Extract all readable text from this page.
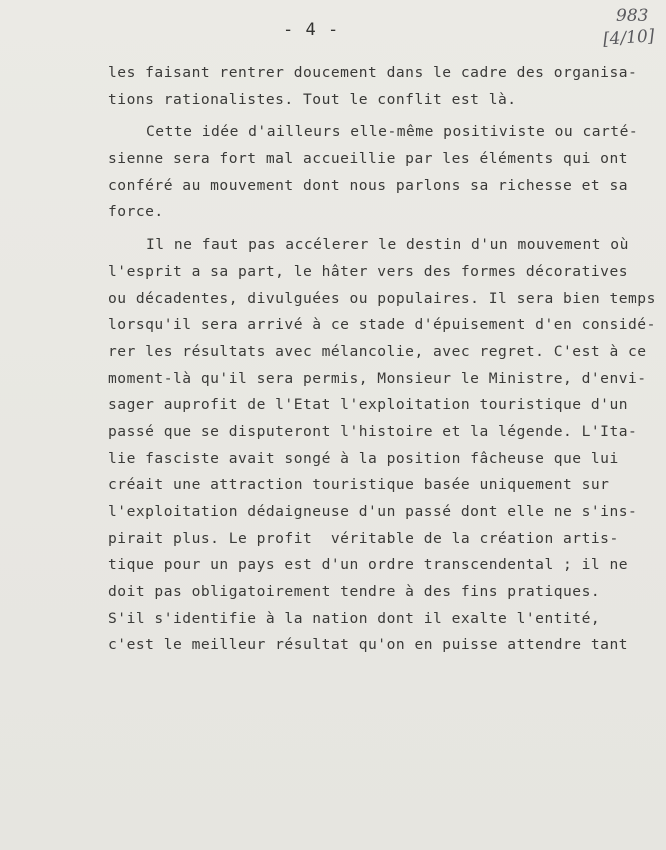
- 4 -
983
[4/10]
les faisant rentrer doucement dans le cadre des organisa-
tions rationalistes. Tout le conflit est là.
Cette idée d'ailleurs elle-même positiviste ou carté-
sienne sera fort mal accueillie par les éléments qui ont
conféré au mouvement dont nous parlons sa richesse et sa
force.
Il ne faut pas accélerer le destin d'un mouvement où
l'esprit a sa part, le hâter vers des formes décoratives
ou décadentes, divulguées ou populaires. Il sera bien temps
lorsqu'il sera arrivé à ce stade d'épuisement d'en considé-
rer les résultats avec mélancolie, avec regret. C'est à ce
moment-là qu'il sera permis, Monsieur le Ministre, d'envi-
sager auprofit de l'Etat l'exploitation touristique d'un
passé que se disputeront l'histoire et la légende. L'Ita-
lie fasciste avait songé à la position fâcheuse que lui
créait une attraction touristique basée uniquement sur
l'exploitation dédaigneuse d'un passé dont elle ne s'ins-
pirait plus. Le profit  véritable de la création artis-
tique pour un pays est d'un ordre transcendental ; il ne
doit pas obligatoirement tendre à des fins pratiques.
S'il s'identifie à la nation dont il exalte l'entité,
c'est le meilleur résultat qu'on en puisse attendre tant
